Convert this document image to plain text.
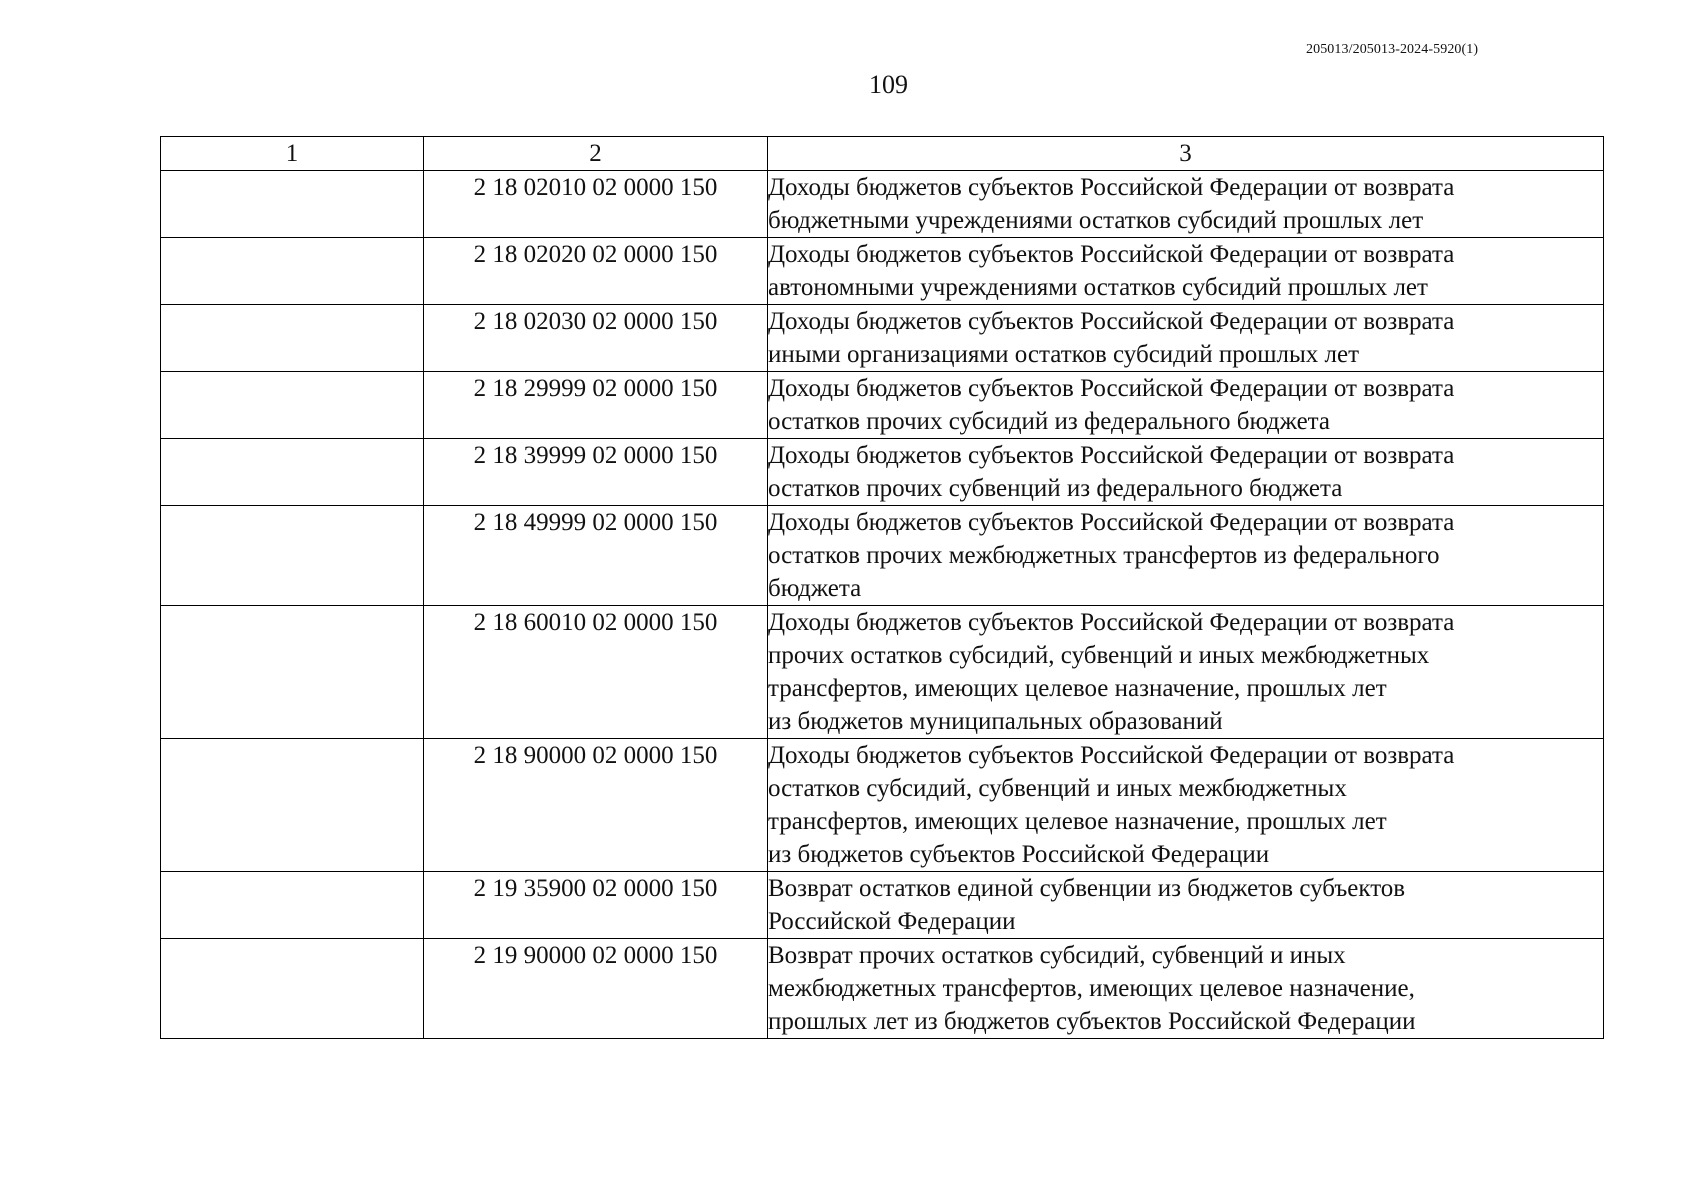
205013/205013-2024-5920(1)
109
1	2	3
	2 18 02010 02 0000 150	Доходы бюджетов субъектов Российской Федерации от возврата
бюджетными учреждениями остатков субсидий прошлых лет

	2 18 02020 02 0000 150	Доходы бюджетов субъектов Российской Федерации от возврата
автономными учреждениями остатков субсидий прошлых лет

	2 18 02030 02 0000 150	Доходы бюджетов субъектов Российской Федерации от возврата
иными организациями остатков субсидий прошлых лет

	2 18 29999 02 0000 150	Доходы бюджетов субъектов Российской Федерации от возврата
остатков прочих субсидий из федерального бюджета

	2 18 39999 02 0000 150	Доходы бюджетов субъектов Российской Федерации от возврата
остатков прочих субвенций из федерального бюджета

	2 18 49999 02 0000 150	Доходы бюджетов субъектов Российской Федерации от возврата
остатков прочих межбюджетных трансфертов из федерального
бюджета

	2 18 60010 02 0000 150	Доходы бюджетов субъектов Российской Федерации от возврата
прочих остатков субсидий, субвенций и иных межбюджетных
трансфертов, имеющих целевое назначение, прошлых лет
из бюджетов муниципальных образований

	2 18 90000 02 0000 150	Доходы бюджетов субъектов Российской Федерации от возврата
остатков субсидий, субвенций и иных межбюджетных
трансфертов, имеющих целевое назначение, прошлых лет
из бюджетов субъектов Российской Федерации

	2 19 35900 02 0000 150	Возврат остатков единой субвенции из бюджетов субъектов
Российской Федерации

	2 19 90000 02 0000 150	Возврат прочих остатков субсидий, субвенций и иных
межбюджетных трансфертов, имеющих целевое назначение,
прошлых лет из бюджетов субъектов Российской Федерации
